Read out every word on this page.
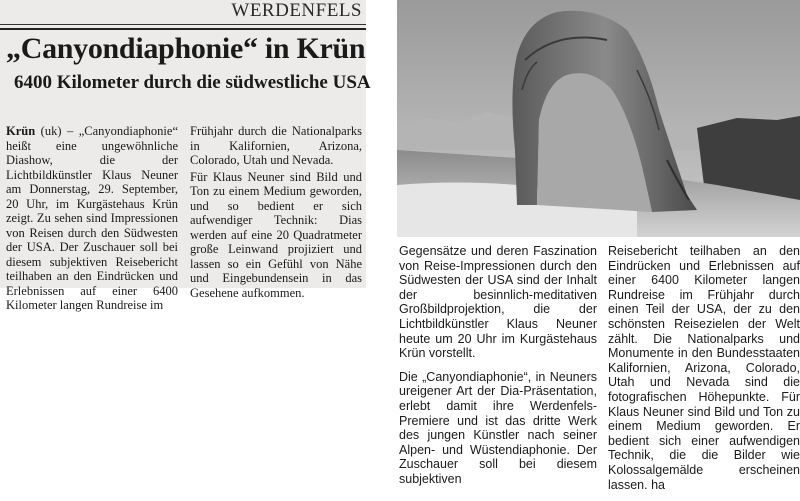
WERDENFELS
„Canyondiaphonie“ in Krün
6400 Kilometer durch die südwestliche USA

Krün (uk) – „Canyondiaphonie“ heißt eine ungewöhnliche Diashow, die der Lichtbildkünstler Klaus Neuner am Donnerstag, 29. September, 20 Uhr, im Kurgästehaus Krün zeigt. Zu sehen sind Impressionen von Reisen durch den Südwesten der USA. Der Zuschauer soll bei diesem subjektiven Reisebericht teilhaben an den Eindrücken und Erlebnissen auf einer 6400 Kilometer langen Rundreise im

Frühjahr durch die Nationalparks in Kalifornien, Arizona, Colorado, Utah und Nevada.

Für Klaus Neuner sind Bild und Ton zu einem Medium geworden, und so bedient er sich aufwendiger Technik: Dias werden auf eine 20 Quadratmeter große Leinwand projiziert und lassen so ein Gefühl von Nähe und Eingebundensein in das Gesehene aufkommen.

Gegensätze und deren Faszination von Reise-Impressionen durch den Südwesten der USA sind der Inhalt der besinnlich-meditativen Großbildprojektion, die der Lichtbildkünstler Klaus Neuner heute um 20 Uhr im Kurgästehaus Krün vorstellt.

Die „Canyondiaphonie“, in Neuners ureigener Art der Dia-Präsentation, erlebt damit ihre Werdenfels-Premiere und ist das dritte Werk des jungen Künstler nach seiner Alpen- und Wüstendiaphonie. Der Zuschauer soll bei diesem subjektiven

Reisebericht teilhaben an den Eindrücken und Erlebnissen auf einer 6400 Kilometer langen Rundreise im Frühjahr durch einen Teil der USA, der zu den schönsten Reisezielen der Welt zählt. Die Nationalparks und Monumente in den Bundesstaaten Kalifornien, Arizona, Colorado, Utah und Nevada sind die fotografischen Höhepunkte. Für Klaus Neuner sind Bild und Ton zu einem Medium geworden. Er bedient sich einer aufwendigen Technik, die die Bilder wie Kolossalgemälde erscheinen lassen. ha
